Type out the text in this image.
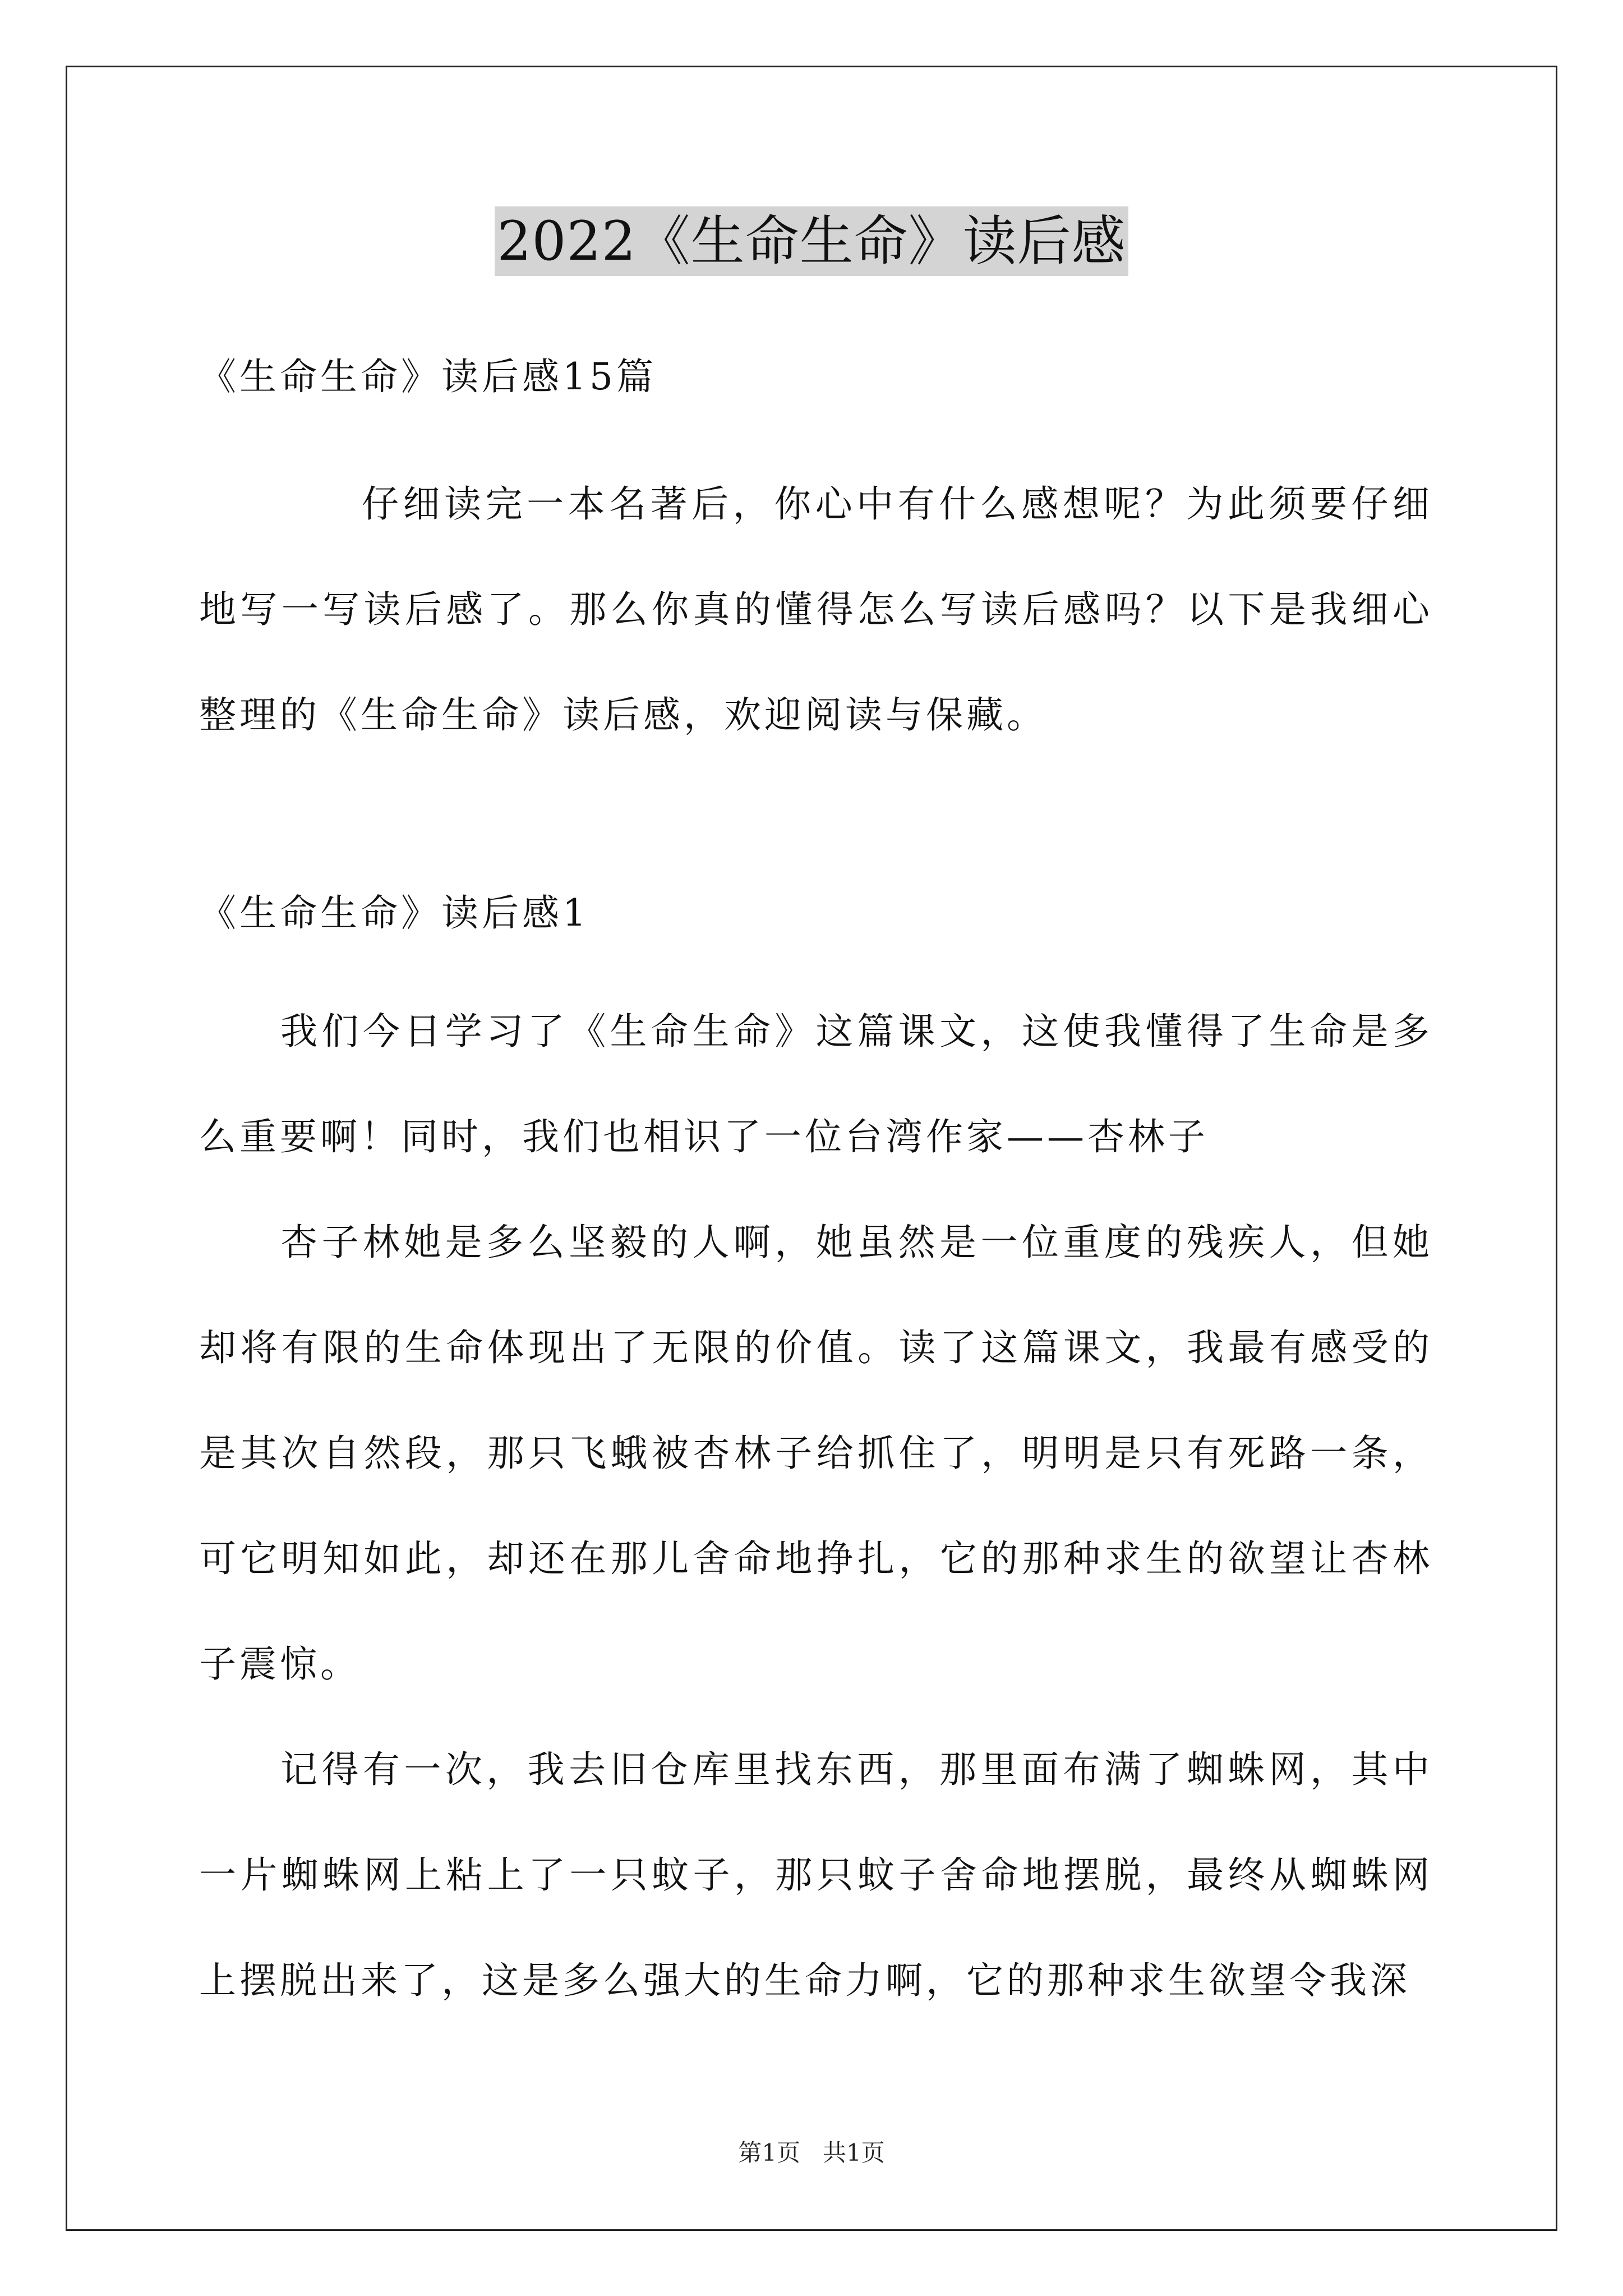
2022《生命生命》读后感
《生命生命》读后感15篇
仔细读完一本名著后，你心中有什么感想呢？为此须要仔细地写一写读后感了。那么你真的懂得怎么写读后感吗？以下是我细心整理的《生命生命》读后感，欢迎阅读与保藏。
《生命生命》读后感1

我们今日学习了《生命生命》这篇课文，这使我懂得了生命是多么重要啊！同时，我们也相识了一位台湾作家——杏林子

杏子林她是多么坚毅的人啊，她虽然是一位重度的残疾人，但她却将有限的生命体现出了无限的价值。读了这篇课文，我最有感受的是其次自然段，那只飞蛾被杏林子给抓住了，明明是只有死路一条，可它明知如此，却还在那儿舍命地挣扎，它的那种求生的欲望让杏林子震惊。

记得有一次，我去旧仓库里找东西，那里面布满了蜘蛛网，其中一片蜘蛛网上粘上了一只蚊子，那只蚊子舍命地摆脱，最终从蜘蛛网上摆脱出来了，这是多么强大的生命力啊，它的那种求生欲望令我深

第1页 共1页
